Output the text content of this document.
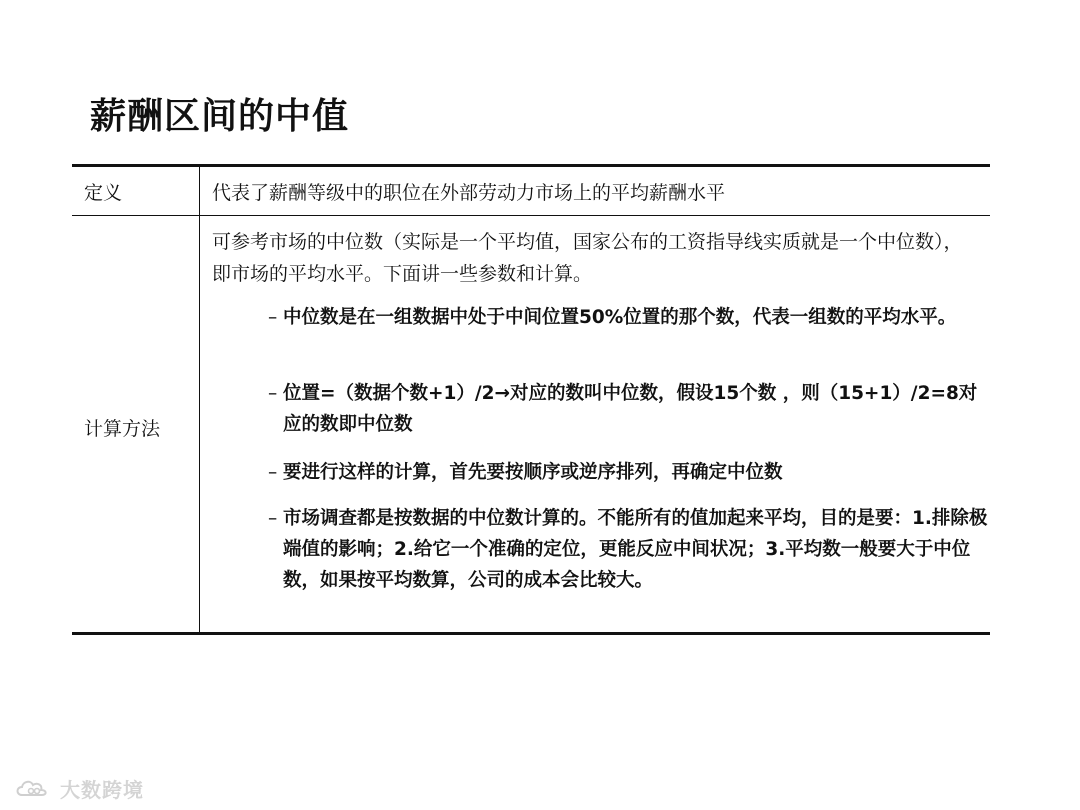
薪酬区间的中值
定义	代表了薪酬等级中的职位在外部劳动力市场上的平均薪酬水平
计算方法
可参考市场的中位数（实际是一个平均值，国家公布的工资指导线实质就是一个中位数），即市场的平均水平。下面讲一些参数和计算。
– 中位数是在一组数据中处于中间位置50%位置的那个数，代表一组数的平均水平。
– 位置=（数据个数+1）/2→对应的数叫中位数，假设15个数 ，则（15+1）/2=8对应的数即中位数
– 要进行这样的计算，首先要按顺序或逆序排列，再确定中位数
– 市场调查都是按数据的中位数计算的。不能所有的值加起来平均，目的是要：1.排除极端值的影响；2.给它一个准确的定位，更能反应中间状况；3.平均数一般要大于中位数，如果按平均数算，公司的成本会比较大。
大数跨境
